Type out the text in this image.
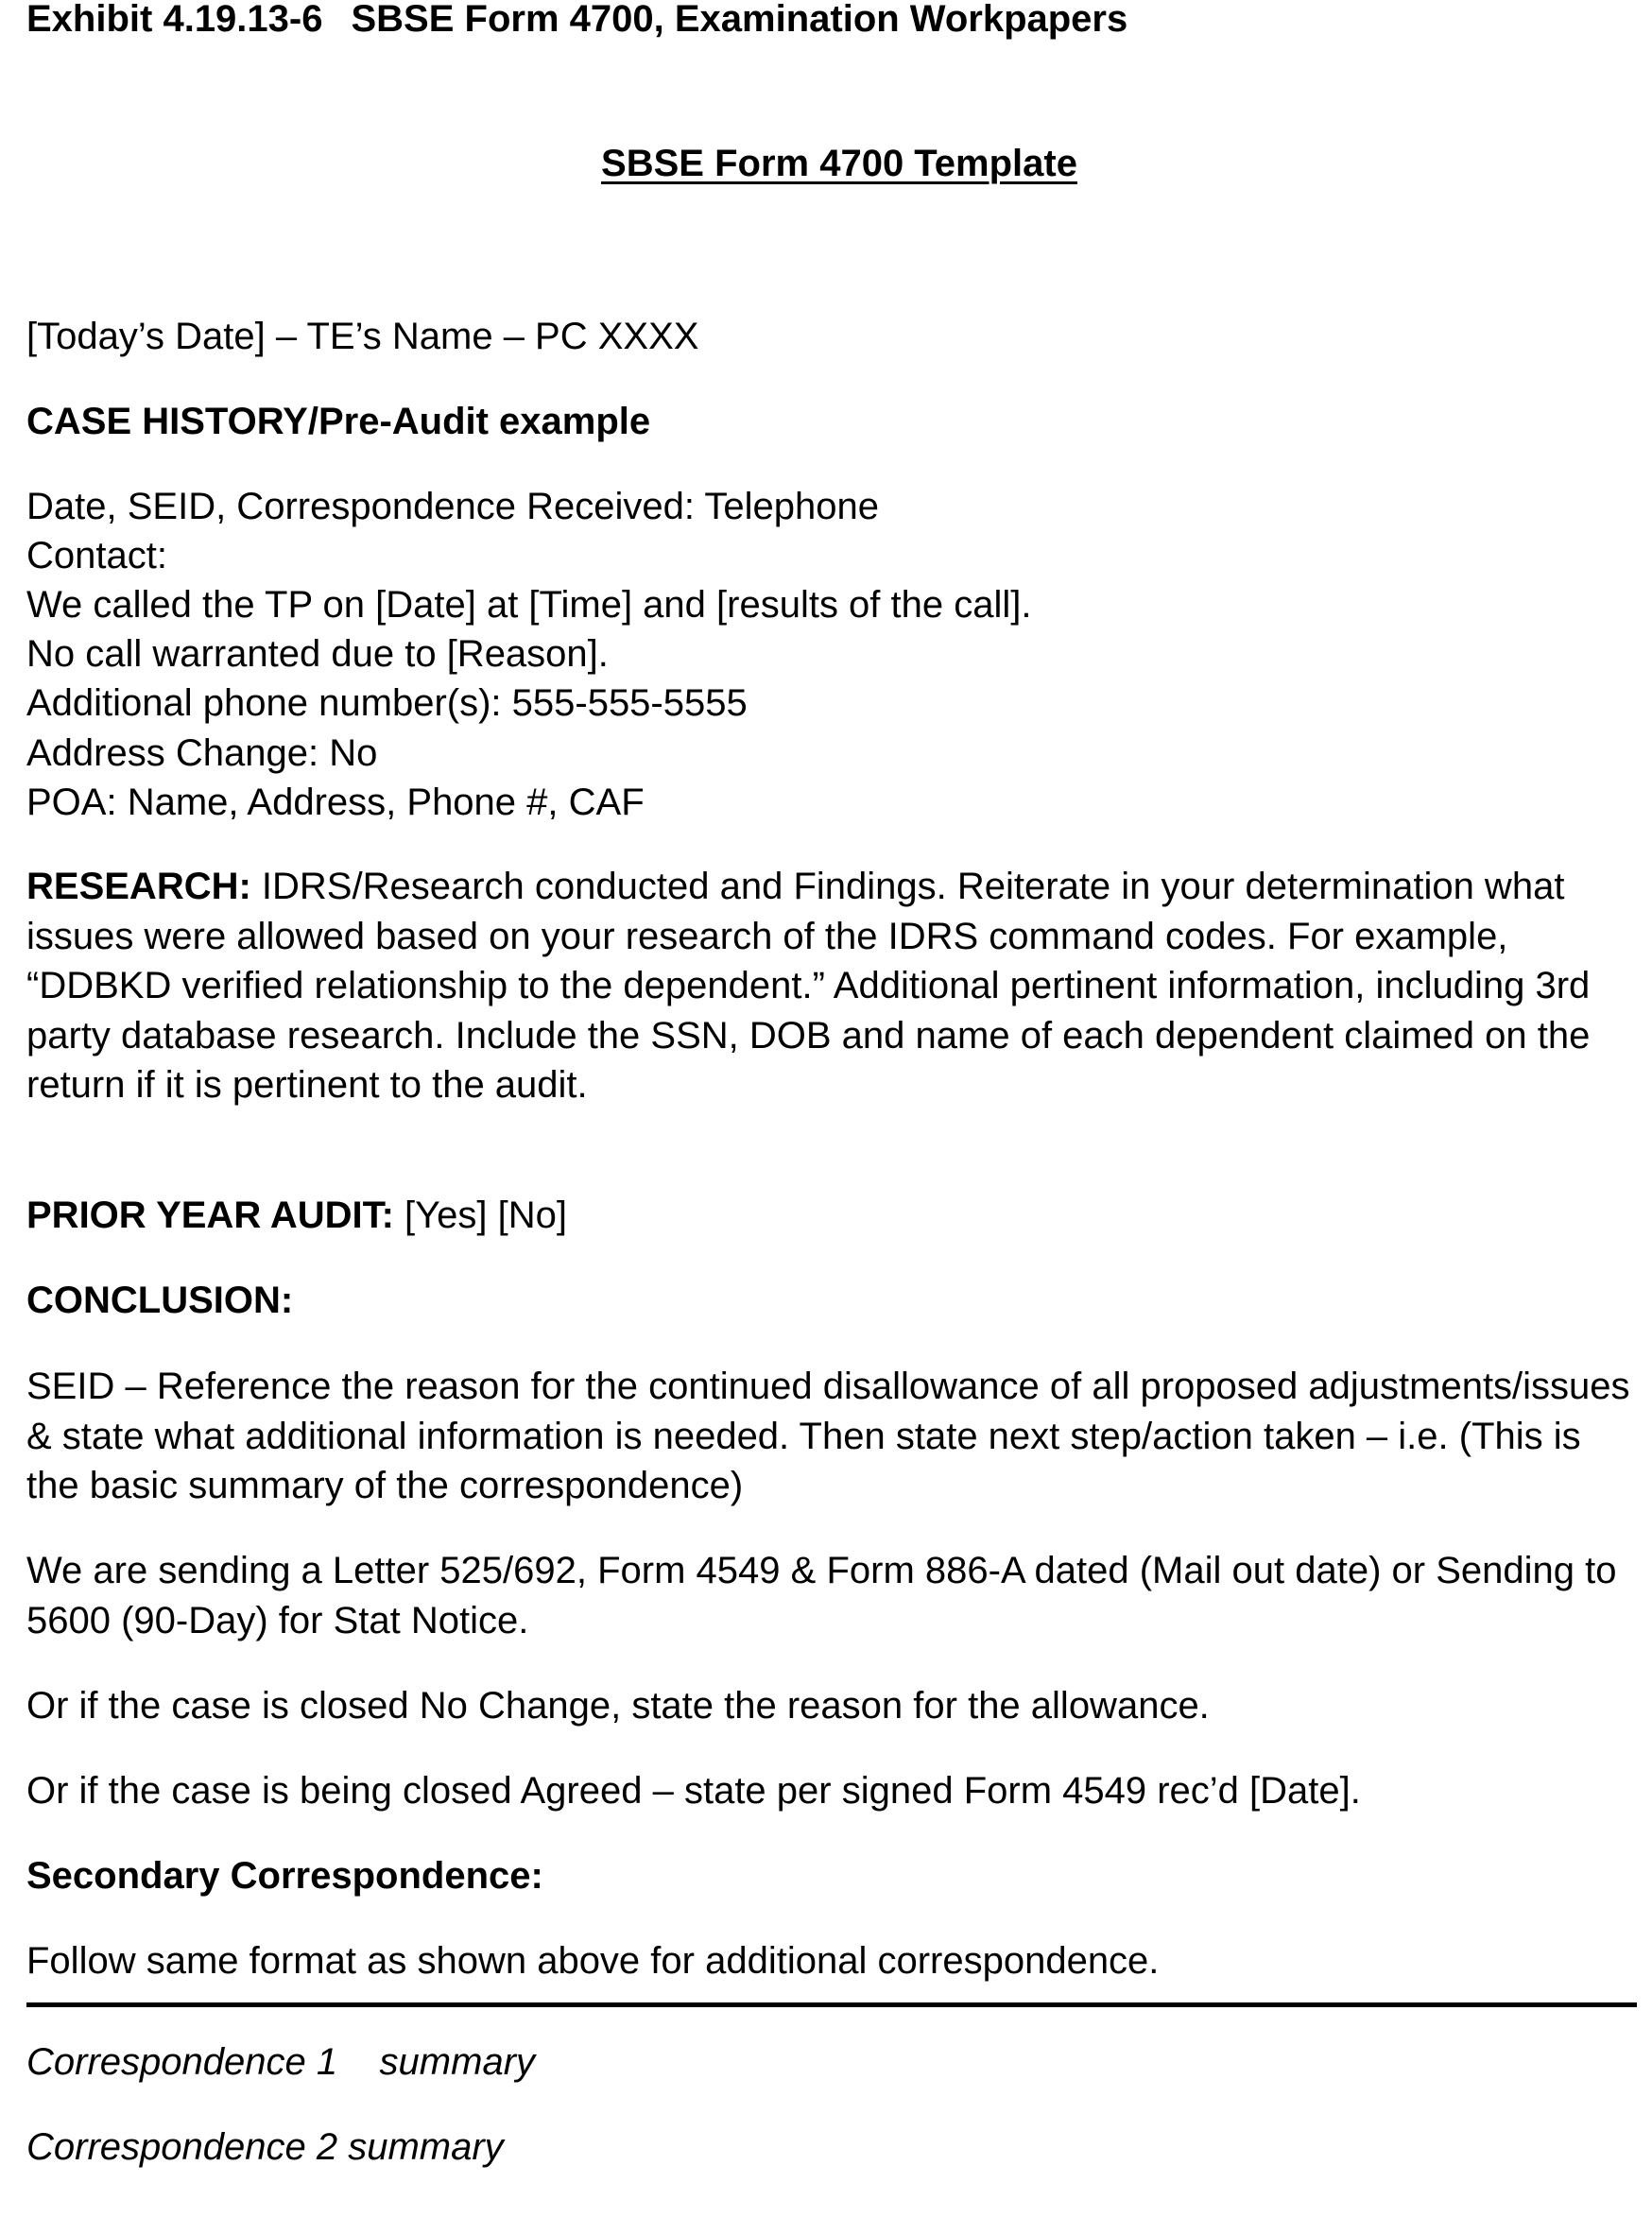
Exhibit 4.19.13-6 SBSE Form 4700, Examination Workpapers
SBSE Form 4700 Template
[Today’s Date] – TE’s Name – PC XXXX
CASE HISTORY/Pre-Audit example
Date, SEID, Correspondence Received: Telephone
Contact:
We called the TP on [Date] at [Time] and [results of the call].
No call warranted due to [Reason].
Additional phone number(s): 555-555-5555
Address Change: No
POA: Name, Address, Phone #, CAF
RESEARCH: IDRS/Research conducted and Findings. Reiterate in your determination what issues were allowed based on your research of the IDRS command codes. For example, “DDBKD verified relationship to the dependent.” Additional pertinent information, including 3rd party database research. Include the SSN, DOB and name of each dependent claimed on the return if it is pertinent to the audit.
PRIOR YEAR AUDIT: [Yes] [No]
CONCLUSION:
SEID – Reference the reason for the continued disallowance of all proposed adjustments/issues & state what additional information is needed. Then state next step/action taken – i.e. (This is the basic summary of the correspondence)
We are sending a Letter 525/692, Form 4549 & Form 886-A dated (Mail out date) or Sending to 5600 (90-Day) for Stat Notice.
Or if the case is closed No Change, state the reason for the allowance.
Or if the case is being closed Agreed – state per signed Form 4549 rec’d [Date].
Secondary Correspondence:
Follow same format as shown above for additional correspondence.
Correspondence 1    summary
Correspondence 2 summary
